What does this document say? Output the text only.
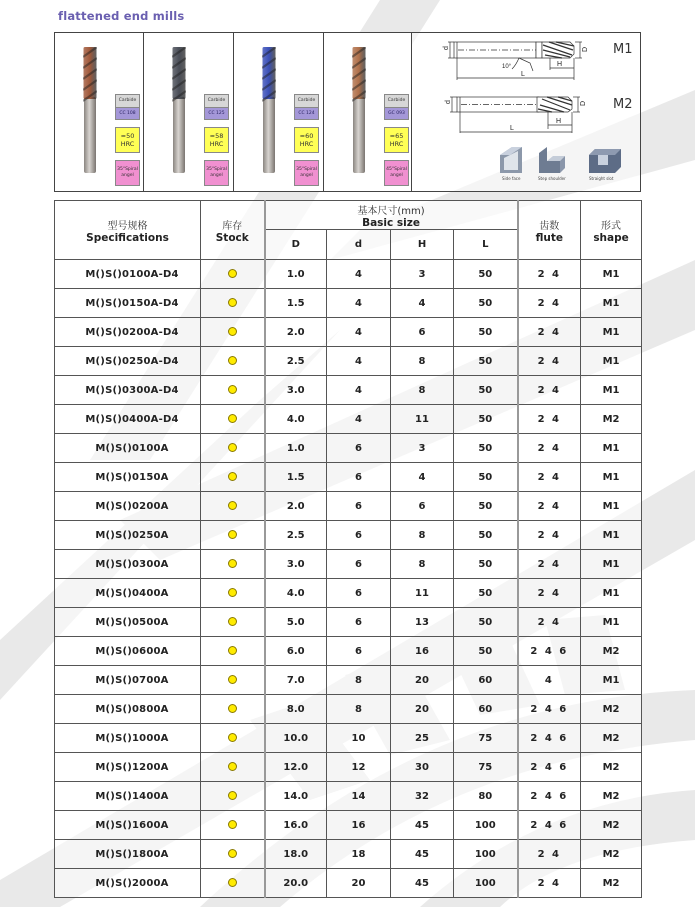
flattened end mills
Carbide
CC 108
≈50
HRC
35°Spiral
angel
Carbide
CC 125
≈58
HRC
35°Spiral
angel
Carbide
CC 124
≈60
HRC
35°Spiral
angel
Carbide
GC 093
≈65
HRC
45°Spiral
angel
d	D
H
L
10°
d	D
H
L
M1
M2
Side face	Step shoulder	Straight slot
型号规格
Specifications	库存
Stock	基本尺寸(mm)
Basic size				齿数
flute	形式
shape

		D	d	H	L		
M()S()0100A-D4		1.0	4	3	50	2 4	M1
M()S()0150A-D4		1.5	4	4	50	2 4	M1
M()S()0200A-D4		2.0	4	6	50	2 4	M1
M()S()0250A-D4		2.5	4	8	50	2 4	M1
M()S()0300A-D4		3.0	4	8	50	2 4	M1
M()S()0400A-D4		4.0	4	11	50	2 4	M2
M()S()0100A		1.0	6	3	50	2 4	M1
M()S()0150A		1.5	6	4	50	2 4	M1
M()S()0200A		2.0	6	6	50	2 4	M1
M()S()0250A		2.5	6	8	50	2 4	M1
M()S()0300A		3.0	6	8	50	2 4	M1
M()S()0400A		4.0	6	11	50	2 4	M1
M()S()0500A		5.0	6	13	50	2 4	M1
M()S()0600A		6.0	6	16	50	2 4 6	M2
M()S()0700A		7.0	8	20	60	4	M1
M()S()0800A		8.0	8	20	60	2 4 6	M2
M()S()1000A		10.0	10	25	75	2 4 6	M2
M()S()1200A		12.0	12	30	75	2 4 6	M2
M()S()1400A		14.0	14	32	80	2 4 6	M2
M()S()1600A		16.0	16	45	100	2 4 6	M2
M()S()1800A		18.0	18	45	100	2 4	M2
M()S()2000A		20.0	20	45	100	2 4	M2
